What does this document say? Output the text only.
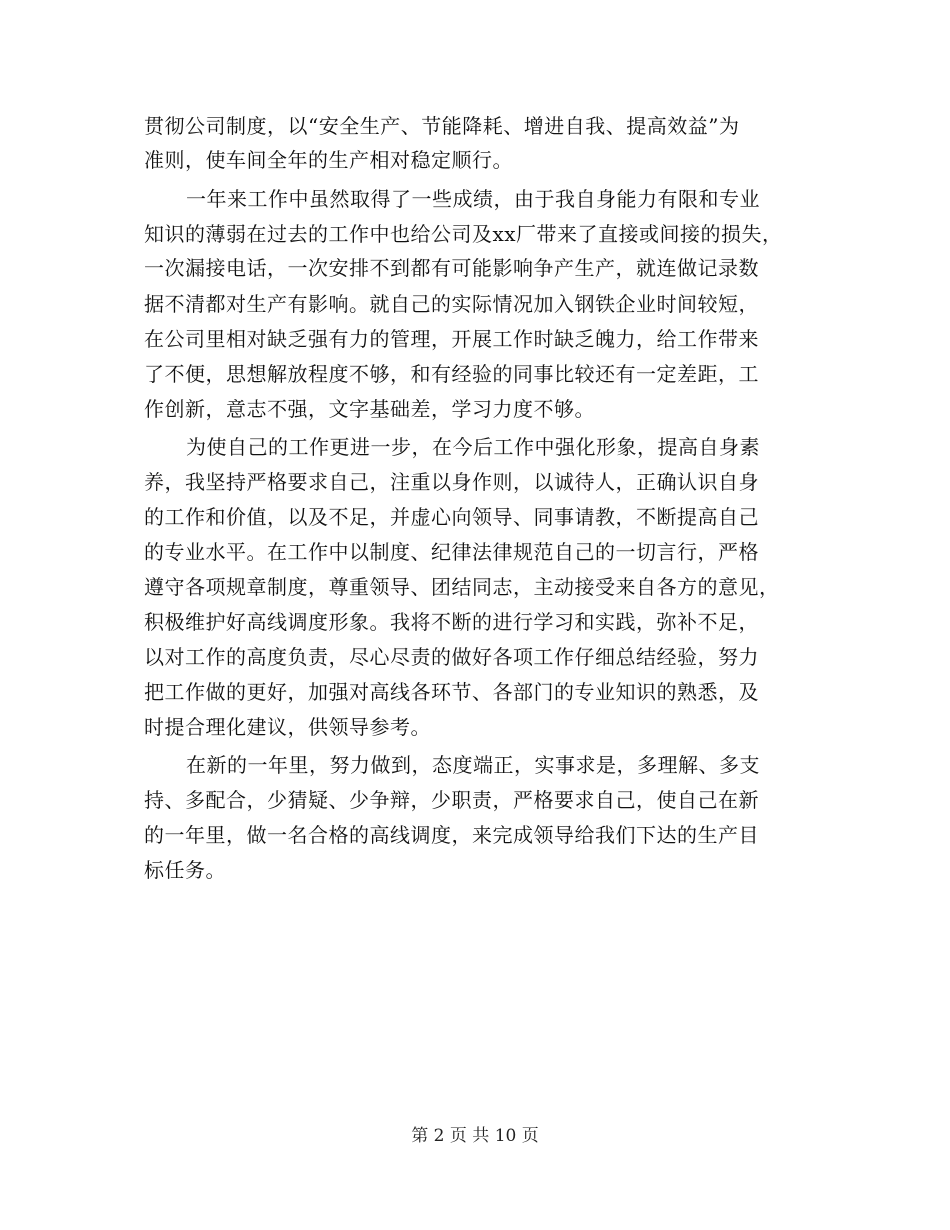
贯彻公司制度，以“安全生产、节能降耗、增进自我、提高效益”为
准则，使车间全年的生产相对稳定顺行。
一年来工作中虽然取得了一些成绩，由于我自身能力有限和专业
知识的薄弱在过去的工作中也给公司及xx厂带来了直接或间接的损失，
一次漏接电话，一次安排不到都有可能影响争产生产，就连做记录数
据不清都对生产有影响。就自己的实际情况加入钢铁企业时间较短，
在公司里相对缺乏强有力的管理，开展工作时缺乏魄力，给工作带来
了不便，思想解放程度不够，和有经验的同事比较还有一定差距，工
作创新，意志不强，文字基础差，学习力度不够。
为使自己的工作更进一步，在今后工作中强化形象，提高自身素
养，我坚持严格要求自己，注重以身作则，以诚待人，正确认识自身
的工作和价值，以及不足，并虚心向领导、同事请教，不断提高自己
的专业水平。在工作中以制度、纪律法律规范自己的一切言行，严格
遵守各项规章制度，尊重领导、团结同志，主动接受来自各方的意见，
积极维护好高线调度形象。我将不断的进行学习和实践，弥补不足，
以对工作的高度负责，尽心尽责的做好各项工作仔细总结经验，努力
把工作做的更好，加强对高线各环节、各部门的专业知识的熟悉，及
时提合理化建议，供领导参考。
在新的一年里，努力做到，态度端正，实事求是，多理解、多支
持、多配合，少猜疑、少争辩，少职责，严格要求自己，使自己在新
的一年里，做一名合格的高线调度，来完成领导给我们下达的生产目
标任务。
第 2 页 共 10 页
